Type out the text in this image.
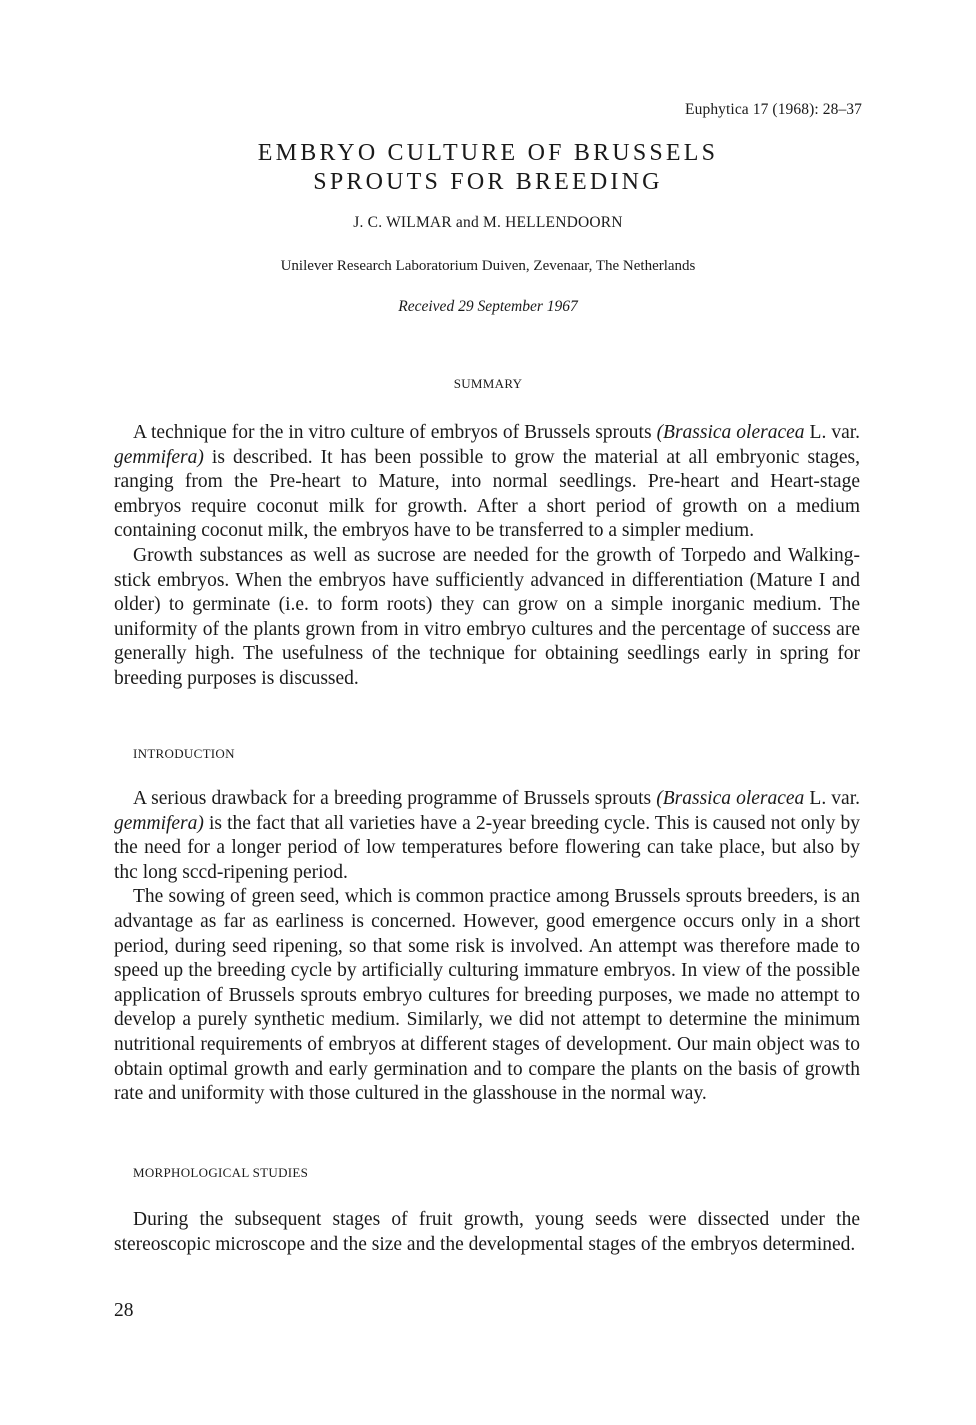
Euphytica 17 (1968): 28–37
EMBRYO CULTURE OF BRUSSELS
SPROUTS FOR BREEDING
J. C. WILMAR and M. HELLENDOORN
Unilever Research Laboratorium Duiven, Zevenaar, The Netherlands
Received 29 September 1967
SUMMARY

A technique for the in vitro culture of embryos of Brussels sprouts (Brassica oleracea L. var. gemmifera) is described. It has been possible to grow the material at all embryonic stages, ranging from the Pre-heart to Mature, into normal seedlings. Pre-heart and Heart-stage embryos require coconut milk for growth. After a short period of growth on a medium containing coconut milk, the embryos have to be transferred to a simpler medium.

Growth substances as well as sucrose are needed for the growth of Torpedo and Walking-stick embryos. When the embryos have sufficiently advanced in differentiation (Mature I and older) to germinate (i.e. to form roots) they can grow on a simple inorganic medium. The uniformity of the plants grown from in vitro embryo cultures and the percentage of success are generally high. The usefulness of the technique for obtaining seedlings early in spring for breeding purposes is discussed.

INTRODUCTION

A serious drawback for a breeding programme of Brussels sprouts (Brassica oleracea L. var. gemmifera) is the fact that all varieties have a 2-year breeding cycle. This is caused not only by the need for a longer period of low temperatures before flowering can take place, but also by thc long sccd-ripening period.

The sowing of green seed, which is common practice among Brussels sprouts breeders, is an advantage as far as earliness is concerned. However, good emergence occurs only in a short period, during seed ripening, so that some risk is involved. An attempt was therefore made to speed up the breeding cycle by artificially culturing immature embryos. In view of the possible application of Brussels sprouts embryo cultures for breeding purposes, we made no attempt to develop a purely synthetic medium. Similarly, we did not attempt to determine the minimum nutritional requirements of embryos at different stages of development. Our main object was to obtain optimal growth and early germination and to compare the plants on the basis of growth rate and uniformity with those cultured in the glasshouse in the normal way.

MORPHOLOGICAL STUDIES

During the subsequent stages of fruit growth, young seeds were dissected under the stereoscopic microscope and the size and the developmental stages of the embryos determined.

28
